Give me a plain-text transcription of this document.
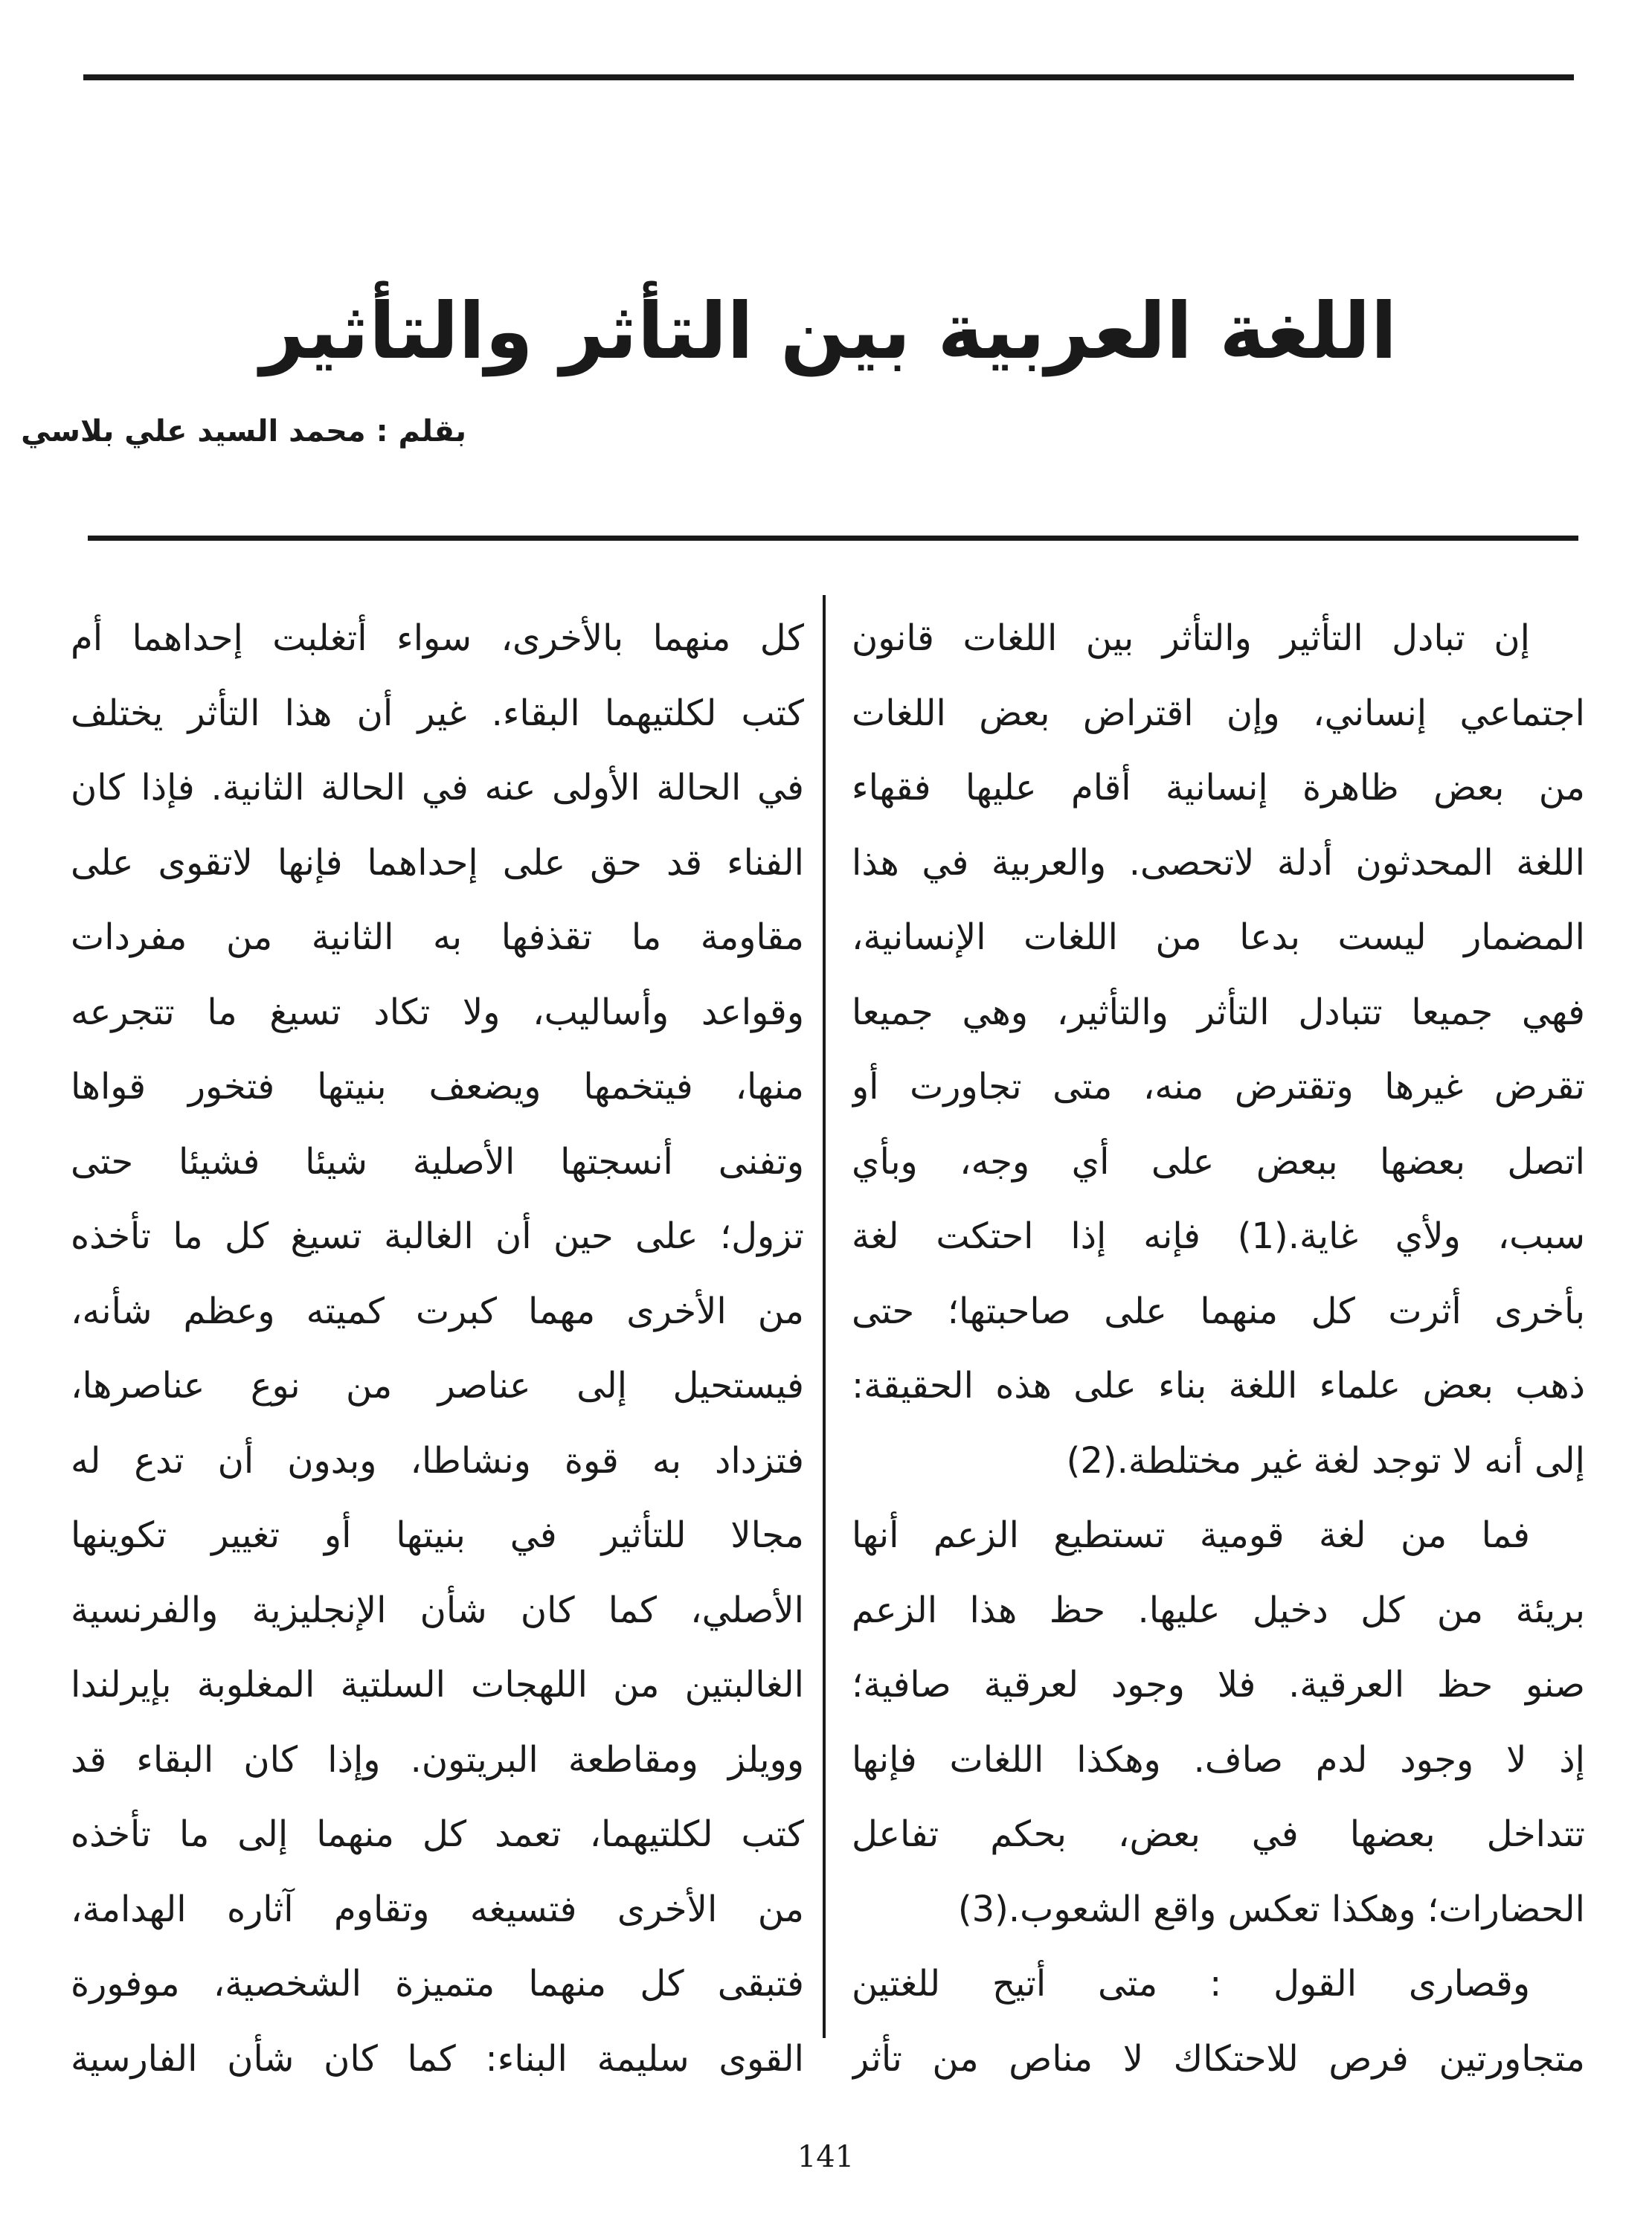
اللغة العربية بين التأثر والتأثير
بقلم : محمد السيد علي بلاسي
إن تبادل التأثير والتأثر بين اللغات قانون
اجتماعي إنساني، وإن اقتراض بعض اللغات
من بعض ظاهرة إنسانية أقام عليها فقهاء
اللغة المحدثون أدلة لاتحصى. والعربية في هذا
المضمار ليست بدعا من اللغات الإنسانية،
فهي جميعا تتبادل التأثر والتأثير، وهي جميعا
تقرض غيرها وتقترض منه، متى تجاورت أو
اتصل بعضها ببعض على أي وجه، وبأي
سبب، ولأي غاية.(1) فإنه إذا احتكت لغة
بأخرى أثرت كل منهما على صاحبتها؛ حتى
ذهب بعض علماء اللغة بناء على هذه الحقيقة:
إلى أنه لا توجد لغة غير مختلطة.(2)
فما من لغة قومية تستطيع الزعم أنها
بريئة من كل دخيل عليها. حظ هذا الزعم
صنو حظ العرقية. فلا وجود لعرقية صافية؛
إذ لا وجود لدم صاف. وهكذا اللغات فإنها
تتداخل بعضها في بعض، بحكم تفاعل
الحضارات؛ وهكذا تعكس واقع الشعوب.(3)
وقصارى القول : متى أتيح للغتين
متجاورتين فرص للاحتكاك لا مناص من تأثر
كل منهما بالأخرى، سواء أتغلبت إحداهما أم
كتب لكلتيهما البقاء. غير أن هذا التأثر يختلف
في الحالة الأولى عنه في الحالة الثانية. فإذا كان
الفناء قد حق على إحداهما فإنها لاتقوى على
مقاومة ما تقذفها به الثانية من مفردات
وقواعد وأساليب، ولا تكاد تسيغ ما تتجرعه
منها، فيتخمها ويضعف بنيتها فتخور قواها
وتفنى أنسجتها الأصلية شيئا فشيئا حتى
تزول؛ على حين أن الغالبة تسيغ كل ما تأخذه
من الأخرى مهما كبرت كميته وعظم شأنه،
فيستحيل إلى عناصر من نوع عناصرها،
فتزداد به قوة ونشاطا، وبدون أن تدع له
مجالا للتأثير في بنيتها أو تغيير تكوينها
الأصلي، كما كان شأن الإنجليزية والفرنسية
الغالبتين من اللهجات السلتية المغلوبة بإيرلندا
وويلز ومقاطعة البريتون. وإذا كان البقاء قد
كتب لكلتيهما، تعمد كل منهما إلى ما تأخذه
من الأخرى فتسيغه وتقاوم آثاره الهدامة،
فتبقى كل منهما متميزة الشخصية، موفورة
القوى سليمة البناء: كما كان شأن الفارسية
141
